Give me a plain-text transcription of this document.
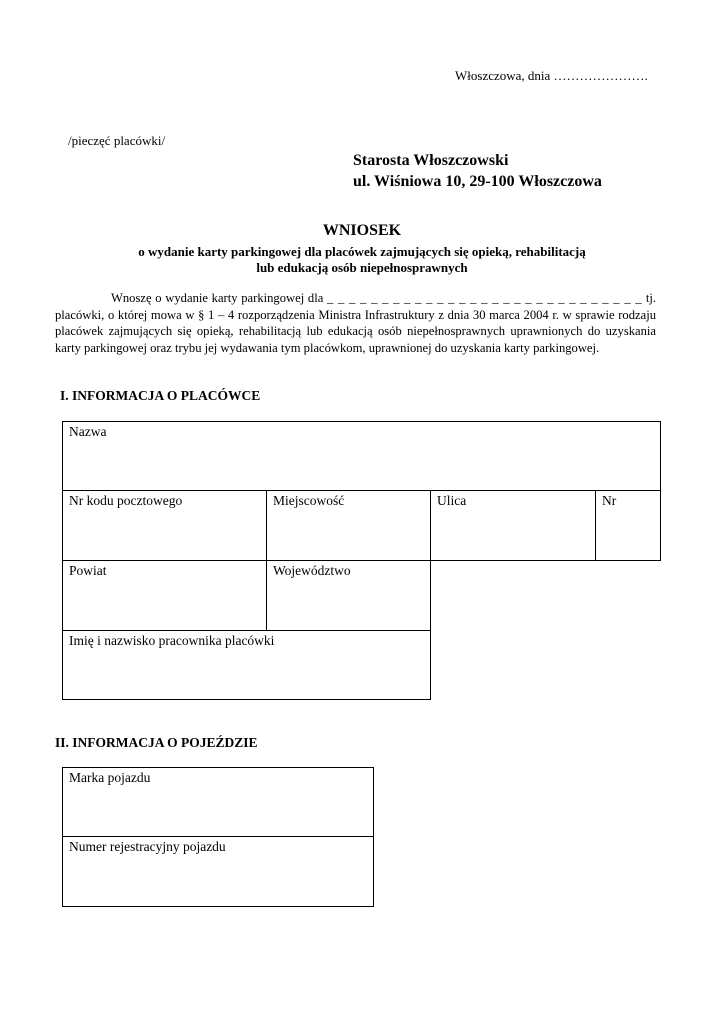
Włoszczowa, dnia ………………….
/pieczęć placówki/
Starosta Włoszczowski
ul. Wiśniowa 10, 29-100 Włoszczowa
WNIOSEK
o wydanie karty parkingowej dla placówek zajmujących się opieką, rehabilitacją
lub edukacją osób niepełnosprawnych
Wnoszę o wydanie karty parkingowej dla _ _ _ _ _ _ _ _ _ _ _ _ _ _ _ _ _ _ _ _ _ _ _ _ _ _ _ _ _ tj. placówki, o której mowa w § 1 – 4 rozporządzenia Ministra Infrastruktury z dnia 30 marca 2004 r. w sprawie rodzaju placówek zajmujących się opieką, rehabilitacją lub edukacją osób niepełnosprawnych uprawnionych do uzyskania karty parkingowej oraz trybu jej wydawania tym placówkom, uprawnionej do uzyskania karty parkingowej.
I. INFORMACJA O PLACÓWCE
Nazwa
Nr kodu pocztowego	Miejscowość	Ulica	Nr
Powiat	Województwo
Imię i nazwisko pracownika placówki
II. INFORMACJA O POJEŹDZIE
Marka pojazdu
Numer rejestracyjny pojazdu
